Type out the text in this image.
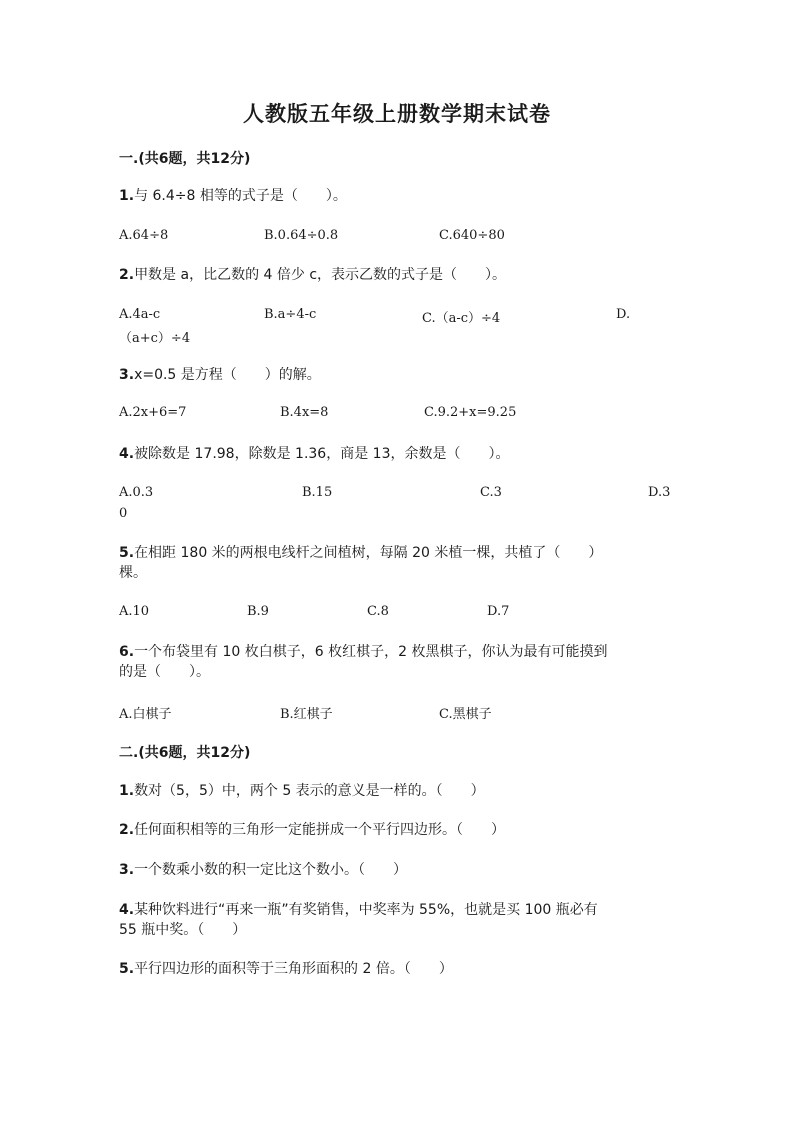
人教版五年级上册数学期末试卷
一.(共6题，共12分)
1.与 6.4÷8 相等的式子是（　　）。
A.64÷8	B.0.64÷0.8	C.640÷80
2.甲数是 a，比乙数的 4 倍少 c，表示乙数的式子是（　　）。
A.4a-c	B.a÷4-c	C.（a-c）÷4	D.
（a+c）÷4
3.x=0.5 是方程（　　）的解。
A.2x+6=7	B.4x=8	C.9.2+x=9.25
4.被除数是 17.98，除数是 1.36，商是 13，余数是（　　）。
A.0.3	B.15	C.3	D.3
0
5.在相距 180 米的两根电线杆之间植树，每隔 20 米植一棵，共植了（　　）
棵。
A.10	B.9	C.8	D.7
6.一个布袋里有 10 枚白棋子，6 枚红棋子，2 枚黑棋子，你认为最有可能摸到
的是（　　）。
A.白棋子	B.红棋子	C.黑棋子
二.(共6题，共12分)
1.数对（5，5）中，两个 5 表示的意义是一样的。（　　）
2.任何面积相等的三角形一定能拼成一个平行四边形。（　　）
3.一个数乘小数的积一定比这个数小。（　　）
4.某种饮料进行“再来一瓶”有奖销售，中奖率为 55%，也就是买 100 瓶必有
55 瓶中奖。（　　）
5.平行四边形的面积等于三角形面积的 2 倍。（　　）
